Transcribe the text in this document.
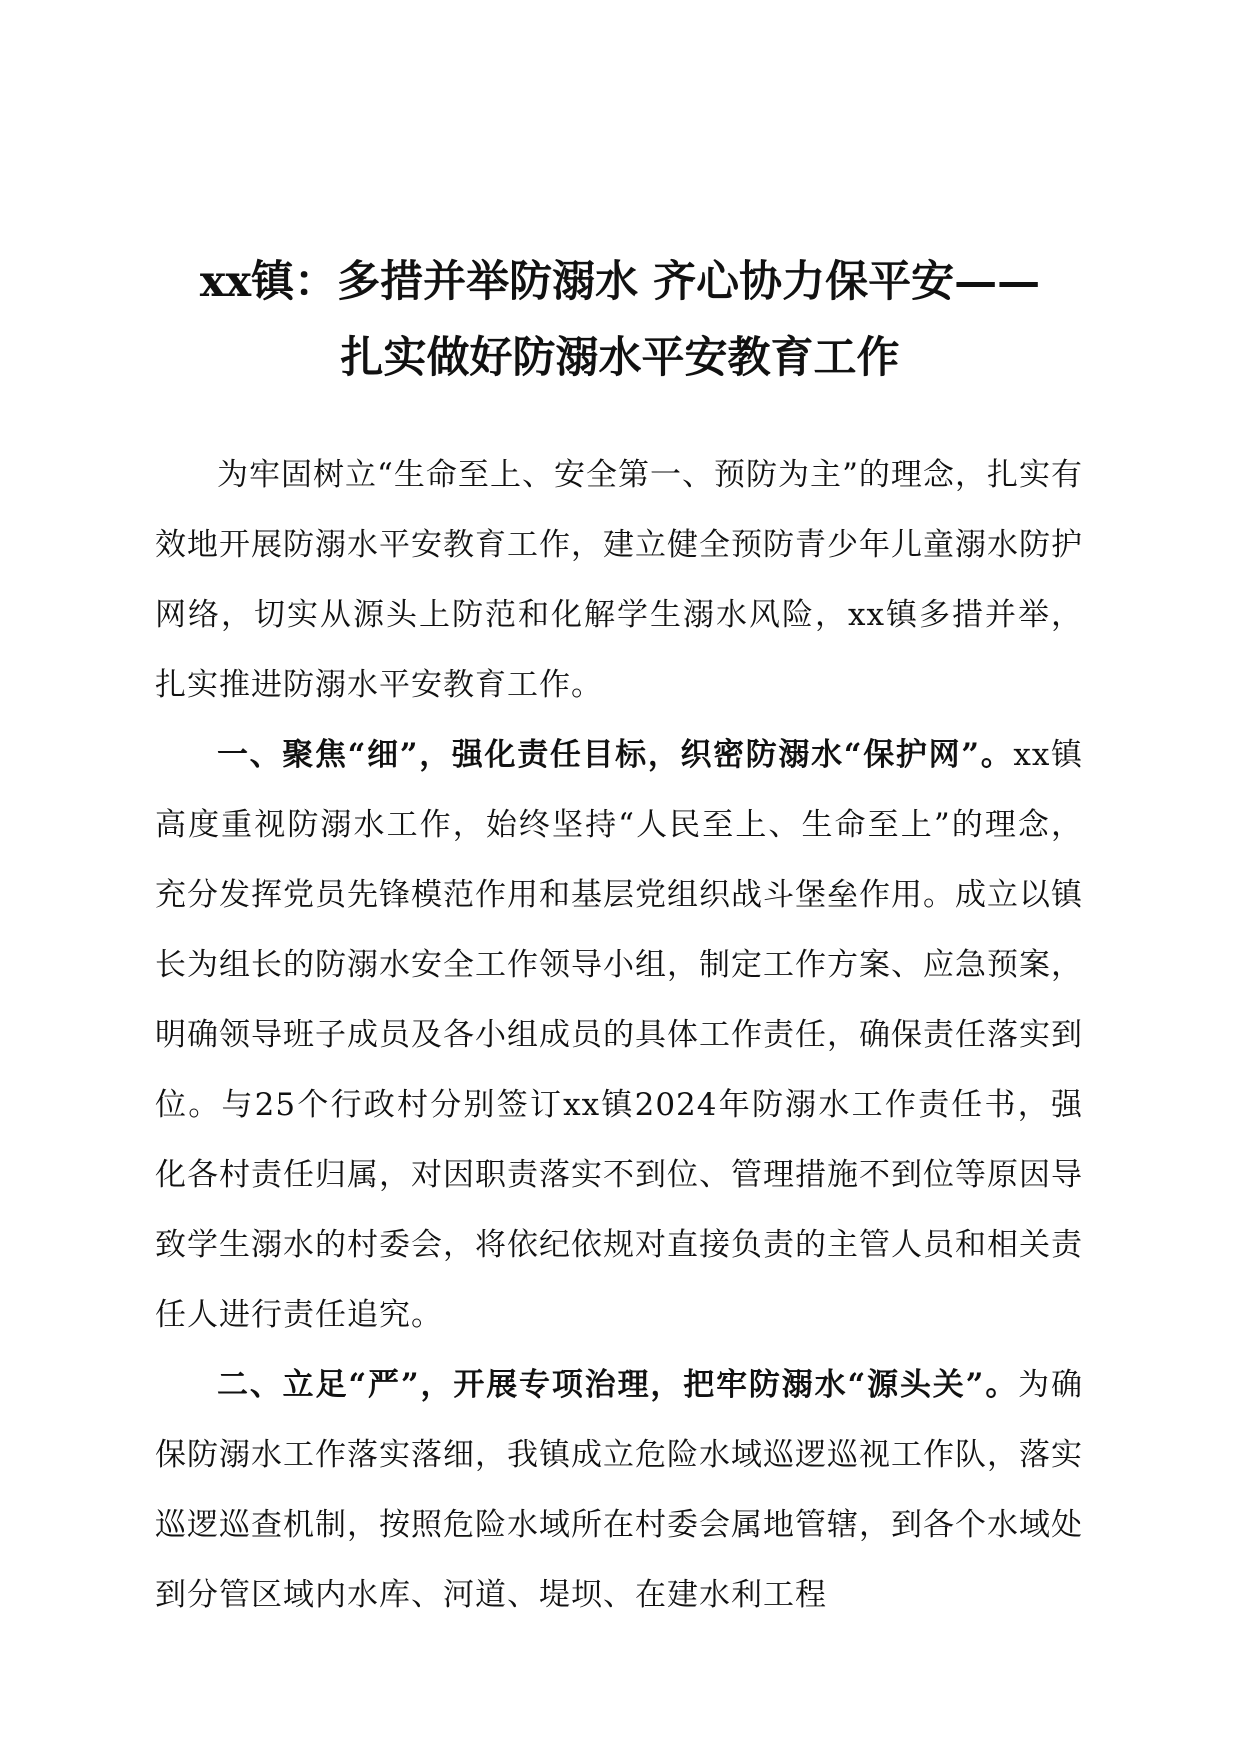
xx镇：多措并举防溺水 齐心协力保平安——
扎实做好防溺水平安教育工作

为牢固树立“生命至上、安全第一、预防为主”的理念，扎实有效地开展防溺水平安教育工作，建立健全预防青少年儿童溺水防护网络，切实从源头上防范和化解学生溺水风险，xx镇多措并举，扎实推进防溺水平安教育工作。

一、聚焦“细”，强化责任目标，织密防溺水“保护网”。xx镇高度重视防溺水工作，始终坚持“人民至上、生命至上”的理念，充分发挥党员先锋模范作用和基层党组织战斗堡垒作用。成立以镇长为组长的防溺水安全工作领导小组，制定工作方案、应急预案，明确领导班子成员及各小组成员的具体工作责任，确保责任落实到位。与25个行政村分别签订xx镇2024年防溺水工作责任书，强化各村责任归属，对因职责落实不到位、管理措施不到位等原因导致学生溺水的村委会，将依纪依规对直接负责的主管人员和相关责任人进行责任追究。

二、立足“严”，开展专项治理，把牢防溺水“源头关”。为确保防溺水工作落实落细，我镇成立危险水域巡逻巡视工作队，落实巡逻巡查机制，按照危险水域所在村委会属地管辖，到各个水域处到分管区域内水库、河道、堤坝、在建水利工程
